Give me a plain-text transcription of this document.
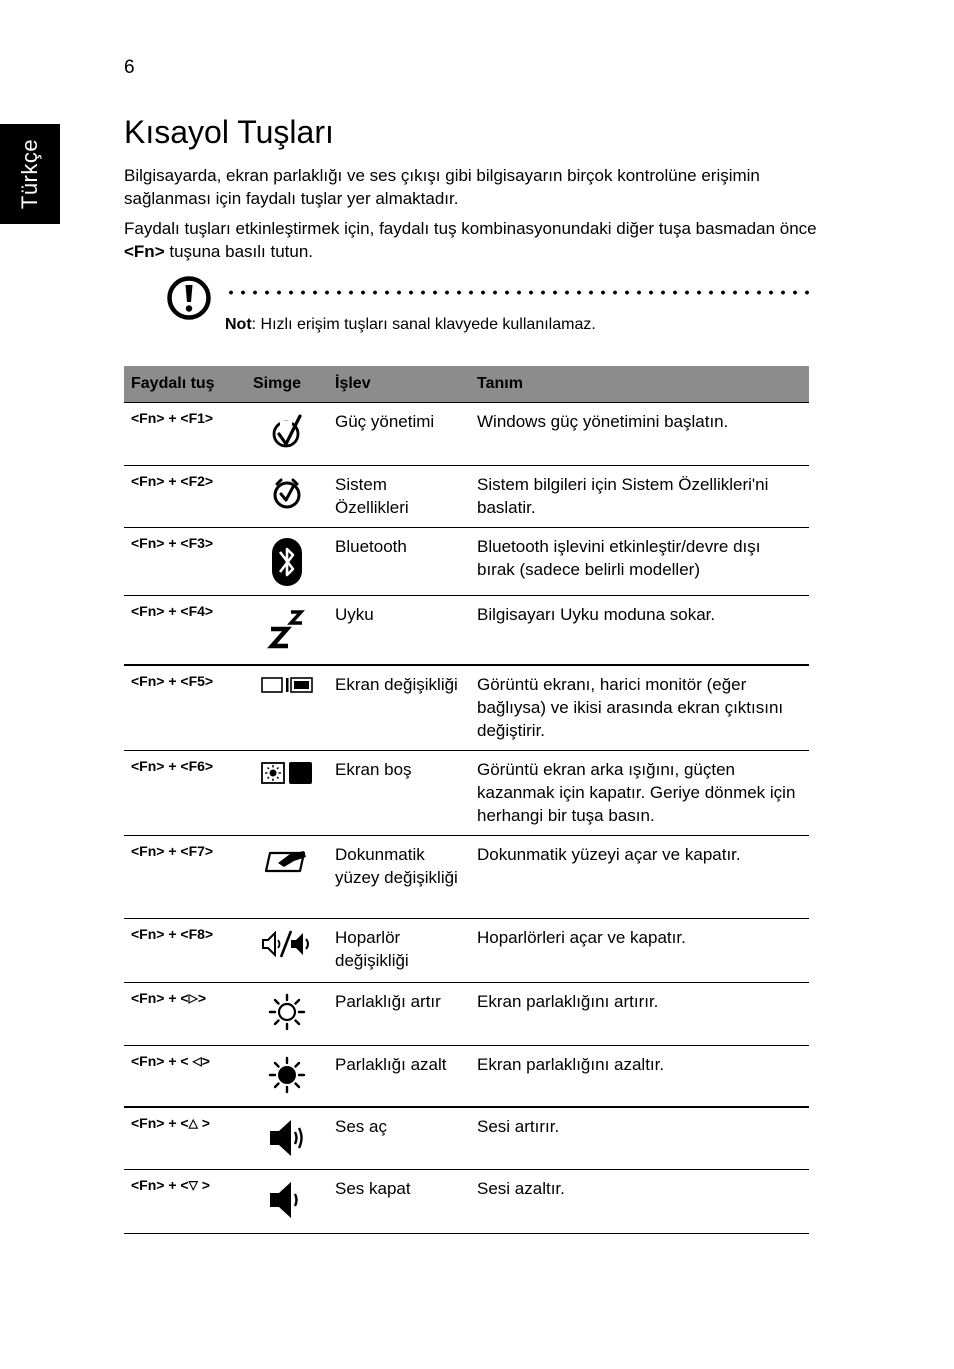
6
Türkçe
Kısayol Tuşları

Bilgisayarda, ekran parlaklığı ve ses çıkışı gibi bilgisayarın birçok kontrolüne erişimin sağlanması için faydalı tuşlar yer almaktadır.

Faydalı tuşları etkinleştirmek için, faydalı tuş kombinasyonundaki diğer tuşa basmadan önce <Fn> tuşuna basılı tutun.

Not: Hızlı erişim tuşları sanal klavyede kullanılamaz.
Faydalı tuş	Simge	İşlev	Tanım
<Fn> + <F1>		Güç yönetimi	Windows güç yönetimini başlatın.
<Fn> + <F2>		Sistem Özellikleri	Sistem bilgileri için Sistem Özellikleri'ni baslatir.
<Fn> + <F3>		Bluetooth	Bluetooth işlevini etkinleştir/devre dışı bırak (sadece belirli modeller)
<Fn> + <F4>		Uyku	Bilgisayarı Uyku moduna sokar.
<Fn> + <F5>		Ekran değişikliği	Görüntü ekranı, harici monitör (eğer bağlıysa) ve ikisi arasında ekran çıktısını değiştirir.
<Fn> + <F6>		Ekran boş	Görüntü ekran arka ışığını, güçten kazanmak için kapatır. Geriye dönmek için herhangi bir tuşa basın.
<Fn> + <F7>		Dokunmatik yüzey değişikliği	Dokunmatik yüzeyi açar ve kapatır.
<Fn> + <F8>		Hoparlör değişikliği	Hoparlörleri açar ve kapatır.
<Fn> + <▷>		Parlaklığı artır	Ekran parlaklığını artırır.
<Fn> + < ◁>		Parlaklığı azalt	Ekran parlaklığını azaltır.
<Fn> + <△ >		Ses aç	Sesi artırır.
<Fn> + <▽ >		Ses kapat	Sesi azaltır.
